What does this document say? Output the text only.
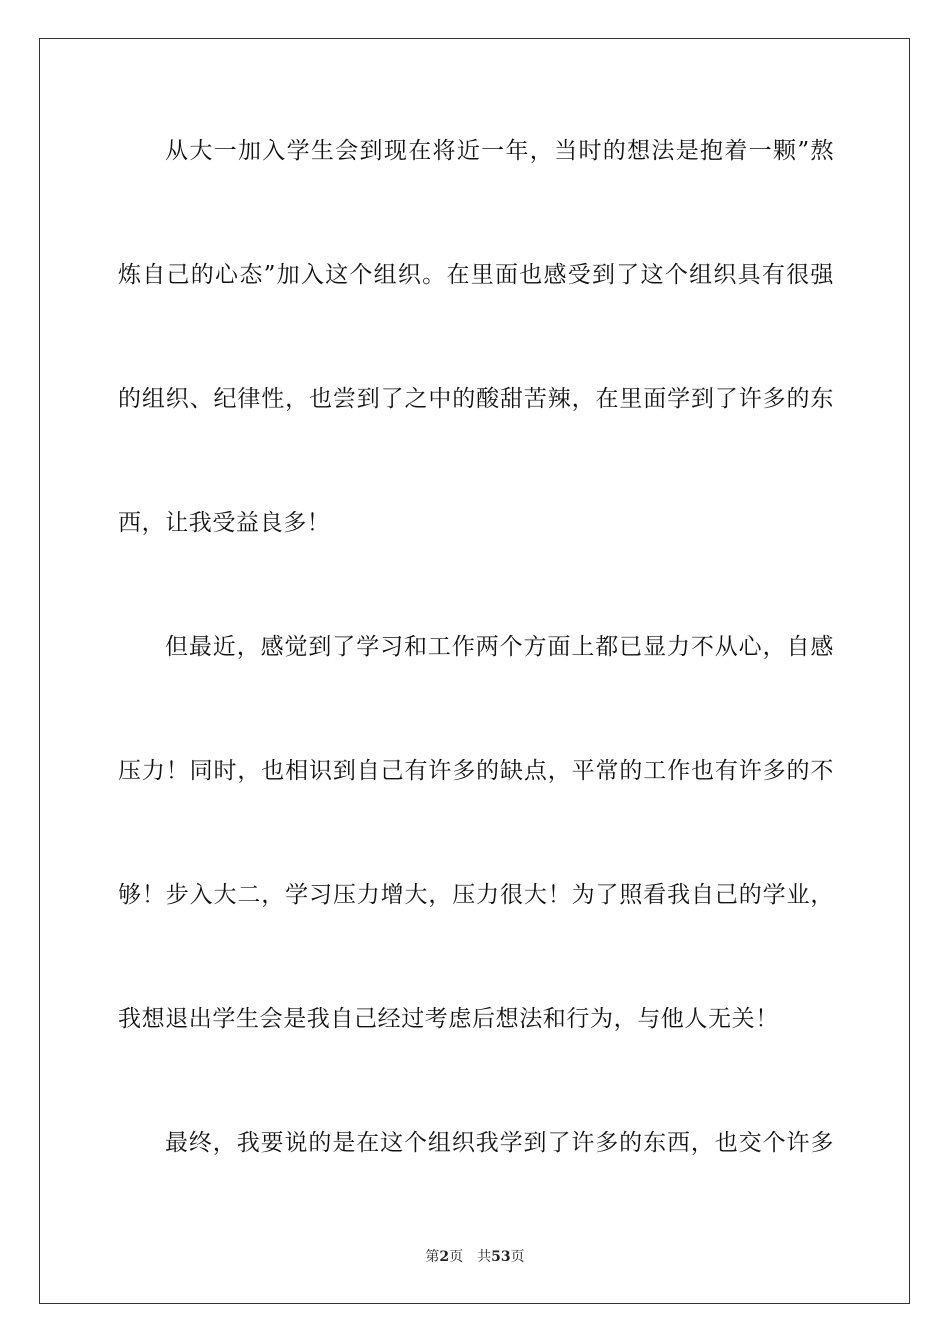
从大一加入学生会到现在将近一年，当时的想法是抱着一颗”熬
炼自己的心态”加入这个组织。在里面也感受到了这个组织具有很强
的组织、纪律性，也尝到了之中的酸甜苦辣，在里面学到了许多的东
西，让我受益良多！
但最近，感觉到了学习和工作两个方面上都已显力不从心，自感
压力！同时，也相识到自己有许多的缺点，平常的工作也有许多的不
够！步入大二，学习压力增大，压力很大！为了照看我自己的学业，
我想退出学生会是我自己经过考虑后想法和行为，与他人无关！
最终，我要说的是在这个组织我学到了许多的东西，也交个许多
第2页 共53页
